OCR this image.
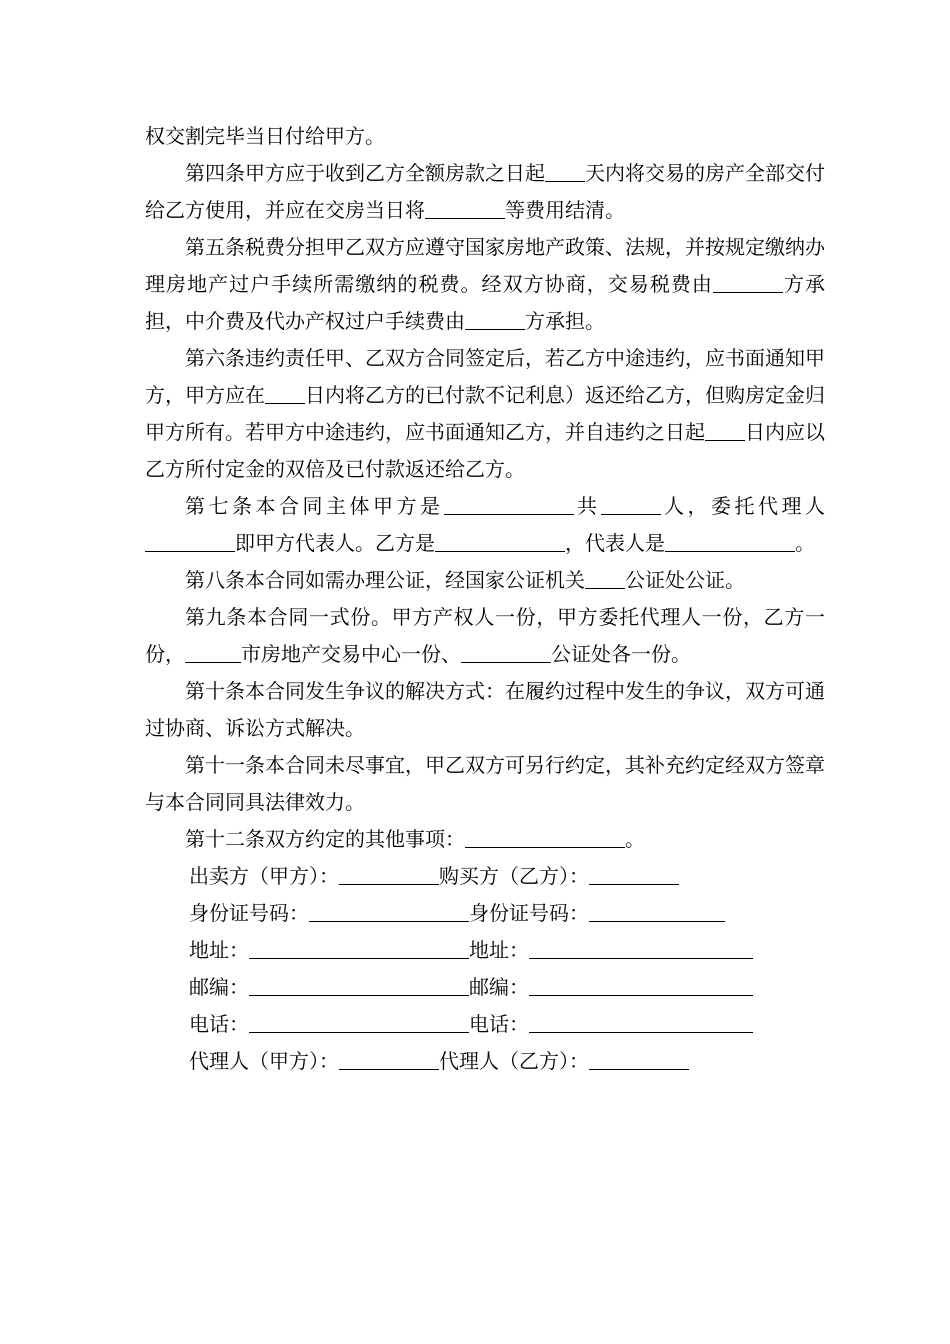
权交割完毕当日付给甲方。

第四条甲方应于收到乙方全额房款之日起 天内将交易的房产全部交付给乙方使用，并应在交房当日将	等费用结清。

第五条税费分担甲乙双方应遵守国家房地产政策、法规，并按规定缴纳办理房地产过户手续所需缴纳的税费。经双方协商，交易税费由	方承担，中介费及代办产权过户手续费由	方承担。

第六条违约责任甲、乙双方合同签定后，若乙方中途违约，应书面通知甲方，甲方应在 日内将乙方的已付款不记利息）返还给乙方，但购房定金归甲方所有。若甲方中途违约，应书面通知乙方，并自违约之日起 日内应以乙方所付定金的双倍及已付款返还给乙方。

第七条本合同主体甲方是	共	人，委托代理人即甲方代表人。乙方是	，代表人是	。

第八条本合同如需办理公证，经国家公证机关 公证处公证。

第九条本合同一式份。甲方产权人一份，甲方委托代理人一份，乙方一份，	市房地产交易中心一份、	公证处各一份。

第十条本合同发生争议的解决方式：在履约过程中发生的争议，双方可通过协商、诉讼方式解决。

第十一条本合同未尽事宜，甲乙双方可另行约定，其补充约定经双方签章与本合同同具法律效力。

第十二条双方约定的其他事项：	。

出卖方（甲方）：	购买方（乙方）：

身份证号码：	身份证号码：

地址：	地址：

邮编：	邮编：

电话：	电话：

代理人（甲方）：	代理人（乙方）：
